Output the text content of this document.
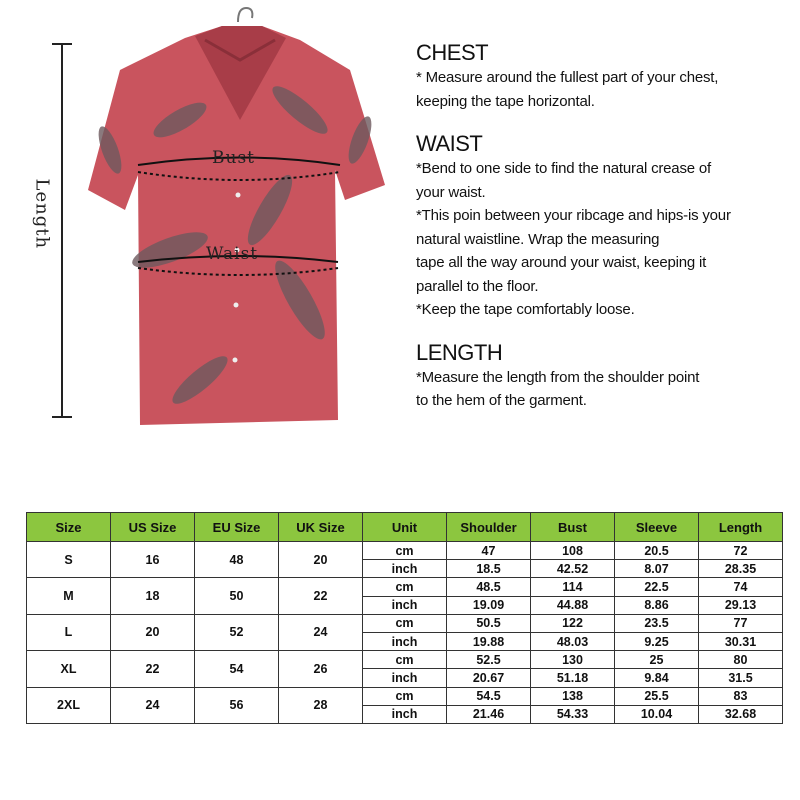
Length
Bust
Waist
CHEST
* Measure around the fullest part of your chest,
keeping the tape horizontal.
WAIST
*Bend to one side to find the natural crease of
your waist.
*This poin between your ribcage and hips-is your
natural waistline. Wrap the measuring
tape all the way around your waist, keeping it
parallel to the floor.
*Keep the tape comfortably loose.
LENGTH
*Measure the length from the shoulder point
to the hem of the garment.
Size	US Size	EU Size	UK Size	Unit	Shoulder	Bust	Sleeve	Length
S	16	48	20	cm	47	108	20.5	72
				inch	18.5	42.52	8.07	28.35
M	18	50	22	cm	48.5	114	22.5	74
				inch	19.09	44.88	8.86	29.13
L	20	52	24	cm	50.5	122	23.5	77
				inch	19.88	48.03	9.25	30.31
XL	22	54	26	cm	52.5	130	25	80
				inch	20.67	51.18	9.84	31.5
2XL	24	56	28	cm	54.5	138	25.5	83
				inch	21.46	54.33	10.04	32.68
